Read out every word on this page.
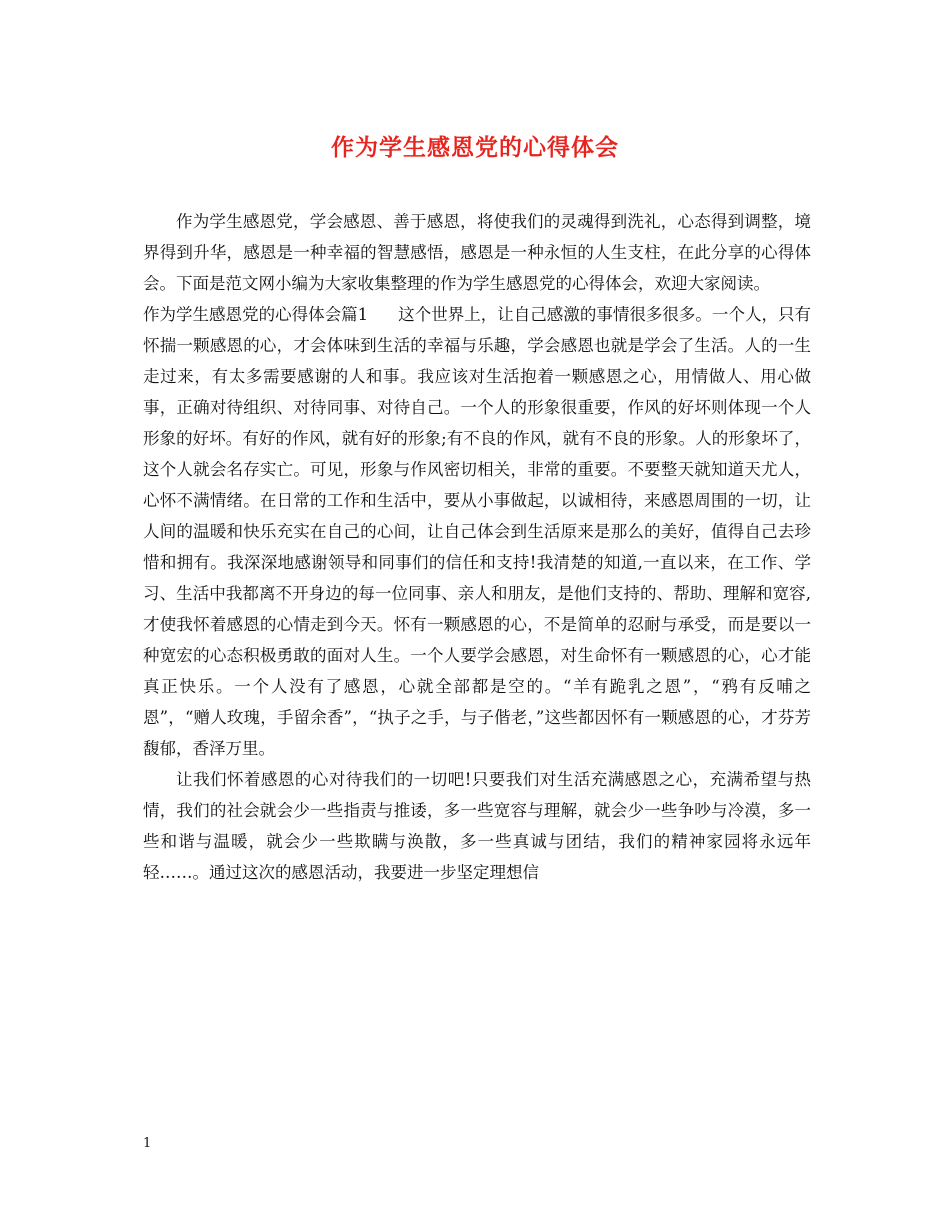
作为学生感恩党的心得体会

作为学生感恩党，学会感恩、善于感恩，将使我们的灵魂得到洗礼，心态得到调整，境界得到升华，感恩是一种幸福的智慧感悟，感恩是一种永恒的人生支柱，在此分享的心得体会。下面是范文网小编为大家收集整理的作为学生感恩党的心得体会，欢迎大家阅读。

作为学生感恩党的心得体会篇1 这个世界上，让自己感激的事情很多很多。一个人，只有怀揣一颗感恩的心，才会体味到生活的幸福与乐趣，学会感恩也就是学会了生活。人的一生走过来，有太多需要感谢的人和事。我应该对生活抱着一颗感恩之心，用情做人、用心做事，正确对待组织、对待同事、对待自己。一个人的形象很重要，作风的好坏则体现一个人形象的好坏。有好的作风，就有好的形象;有不良的作风，就有不良的形象。人的形象坏了，这个人就会名存实亡。可见，形象与作风密切相关，非常的重要。不要整天就知道天尤人，心怀不满情绪。在日常的工作和生活中，要从小事做起，以诚相待，来感恩周围的一切，让人间的温暖和快乐充实在自己的心间，让自己体会到生活原来是那么的美好，值得自己去珍惜和拥有。我深深地感谢领导和同事们的信任和支持!我清楚的知道,一直以来，在工作、学习、生活中我都离不开身边的每一位同事、亲人和朋友，是他们支持的、帮助、理解和宽容,才使我怀着感恩的心情走到今天。怀有一颗感恩的心，不是简单的忍耐与承受，而是要以一种宽宏的心态积极勇敢的面对人生。一个人要学会感恩，对生命怀有一颗感恩的心，心才能真正快乐。一个人没有了感恩，心就全部都是空的。“羊有跪乳之恩”，“鸦有反哺之恩”，“赠人玫瑰，手留余香”，“执子之手，与子偕老，”这些都因怀有一颗感恩的心，才芬芳馥郁，香泽万里。

让我们怀着感恩的心对待我们的一切吧!只要我们对生活充满感恩之心，充满希望与热情，我们的社会就会少一些指责与推诿，多一些宽容与理解，就会少一些争吵与冷漠，多一些和谐与温暖，就会少一些欺瞒与涣散，多一些真诚与团结，我们的精神家园将永远年轻……。通过这次的感恩活动，我要进一步坚定理想信

1
